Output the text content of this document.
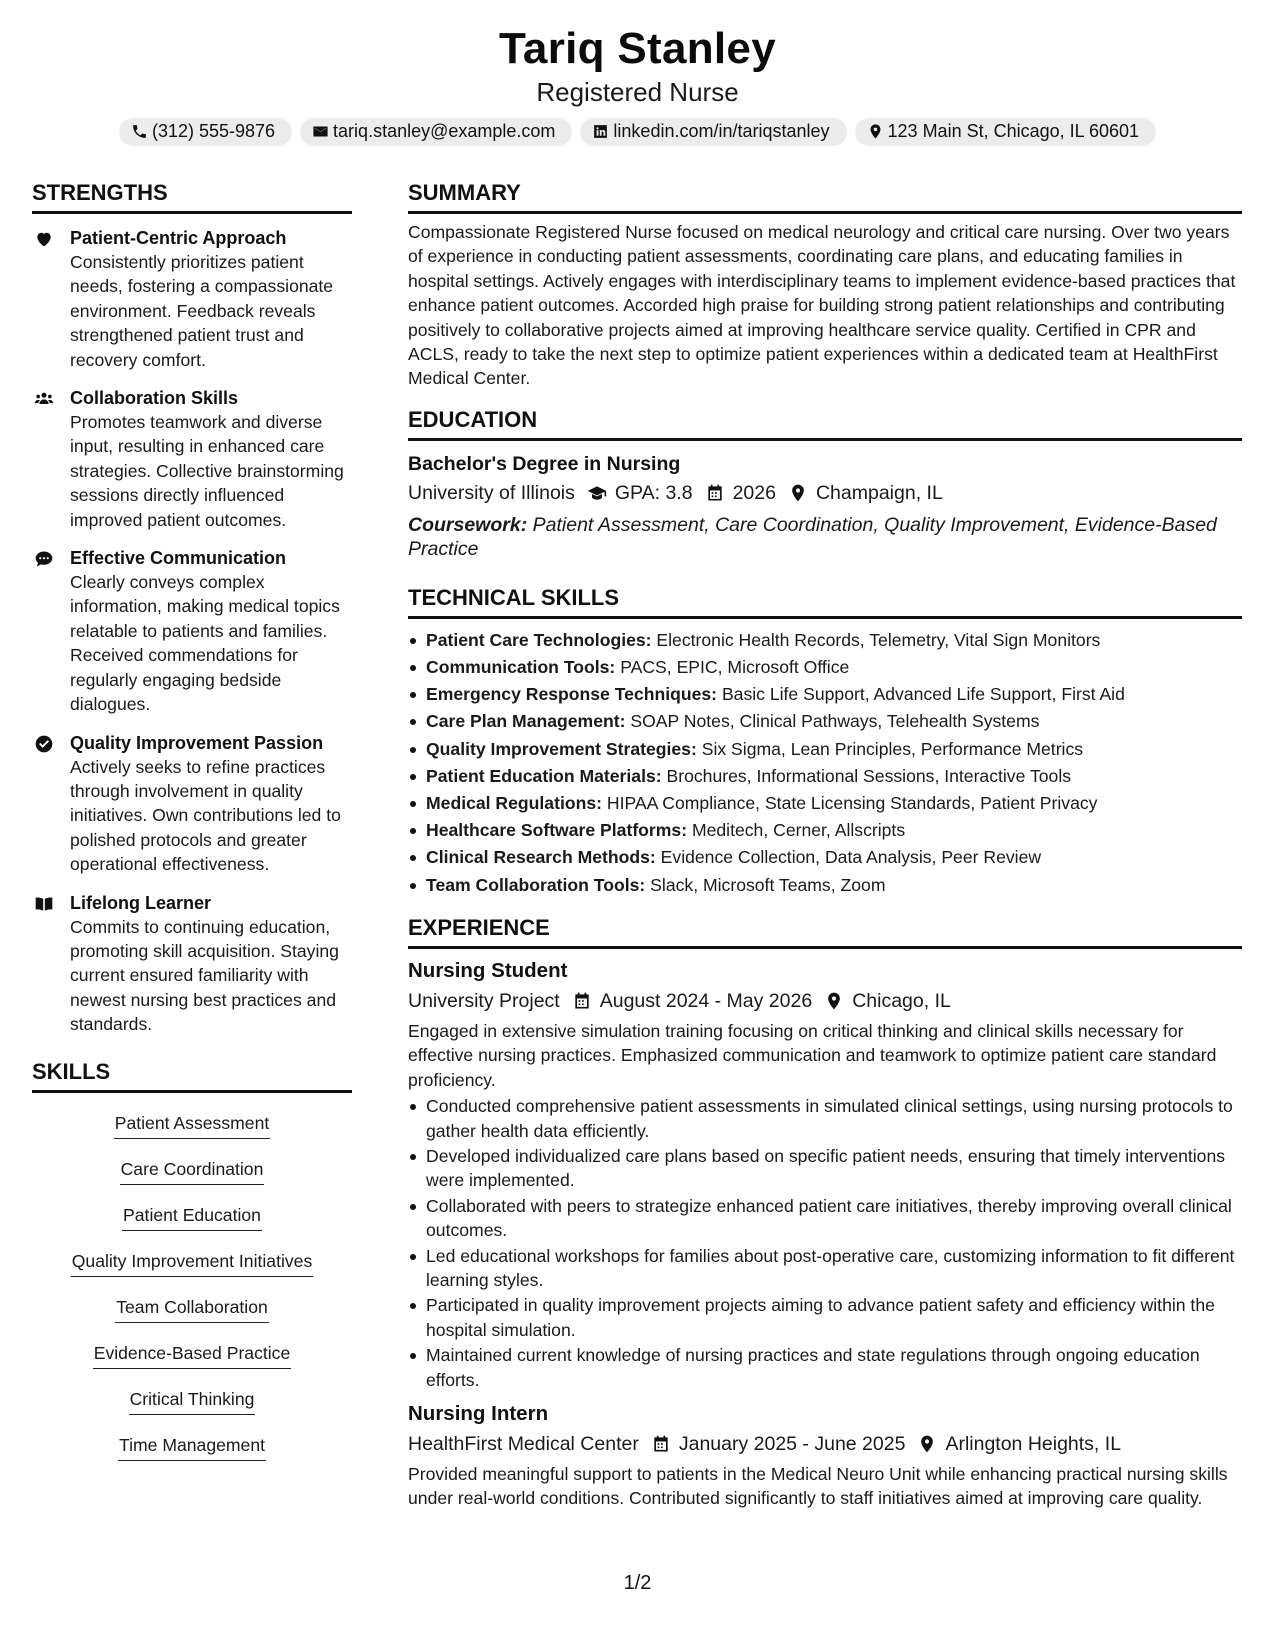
Tariq Stanley
Registered Nurse
(312) 555-9876	tariq.stanley@example.com	linkedin.com/in/tariqstanley	123 Main St, Chicago, IL 60601
STRENGTHS
Patient-Centric Approach
Consistently prioritizes patient needs, fostering a compassionate environment. Feedback reveals strengthened patient trust and recovery comfort.
Collaboration Skills
Promotes teamwork and diverse input, resulting in enhanced care strategies. Collective brainstorming sessions directly influenced improved patient outcomes.
Effective Communication
Clearly conveys complex information, making medical topics relatable to patients and families. Received commendations for regularly engaging bedside dialogues.
Quality Improvement Passion
Actively seeks to refine practices through involvement in quality initiatives. Own contributions led to polished protocols and greater operational effectiveness.
Lifelong Learner
Commits to continuing education, promoting skill acquisition. Staying current ensured familiarity with newest nursing best practices and standards.
SKILLS
Patient Assessment
Care Coordination
Patient Education
Quality Improvement Initiatives
Team Collaboration
Evidence-Based Practice
Critical Thinking
Time Management
SUMMARY
Compassionate Registered Nurse focused on medical neurology and critical care nursing. Over two years of experience in conducting patient assessments, coordinating care plans, and educating families in hospital settings. Actively engages with interdisciplinary teams to implement evidence-based practices that enhance patient outcomes. Accorded high praise for building strong patient relationships and contributing positively to collaborative projects aimed at improving healthcare service quality. Certified in CPR and ACLS, ready to take the next step to optimize patient experiences within a dedicated team at HealthFirst Medical Center.
EDUCATION
Bachelor's Degree in Nursing
University of Illinois GPA: 3.8 2026 Champaign, IL
Coursework: Patient Assessment, Care Coordination, Quality Improvement, Evidence-Based Practice
TECHNICAL SKILLS
Patient Care Technologies: Electronic Health Records, Telemetry, Vital Sign Monitors
Communication Tools: PACS, EPIC, Microsoft Office
Emergency Response Techniques: Basic Life Support, Advanced Life Support, First Aid
Care Plan Management: SOAP Notes, Clinical Pathways, Telehealth Systems
Quality Improvement Strategies: Six Sigma, Lean Principles, Performance Metrics
Patient Education Materials: Brochures, Informational Sessions, Interactive Tools
Medical Regulations: HIPAA Compliance, State Licensing Standards, Patient Privacy
Healthcare Software Platforms: Meditech, Cerner, Allscripts
Clinical Research Methods: Evidence Collection, Data Analysis, Peer Review
Team Collaboration Tools: Slack, Microsoft Teams, Zoom
EXPERIENCE
Nursing Student
University Project August 2024 - May 2026 Chicago, IL
Engaged in extensive simulation training focusing on critical thinking and clinical skills necessary for effective nursing practices. Emphasized communication and teamwork to optimize patient care standard proficiency.
Conducted comprehensive patient assessments in simulated clinical settings, using nursing protocols to gather health data efficiently.
Developed individualized care plans based on specific patient needs, ensuring that timely interventions were implemented.
Collaborated with peers to strategize enhanced patient care initiatives, thereby improving overall clinical outcomes.
Led educational workshops for families about post-operative care, customizing information to fit different learning styles.
Participated in quality improvement projects aiming to advance patient safety and efficiency within the hospital simulation.
Maintained current knowledge of nursing practices and state regulations through ongoing education efforts.
Nursing Intern
HealthFirst Medical Center January 2025 - June 2025 Arlington Heights, IL
Provided meaningful support to patients in the Medical Neuro Unit while enhancing practical nursing skills under real-world conditions. Contributed significantly to staff initiatives aimed at improving care quality.
1/2
